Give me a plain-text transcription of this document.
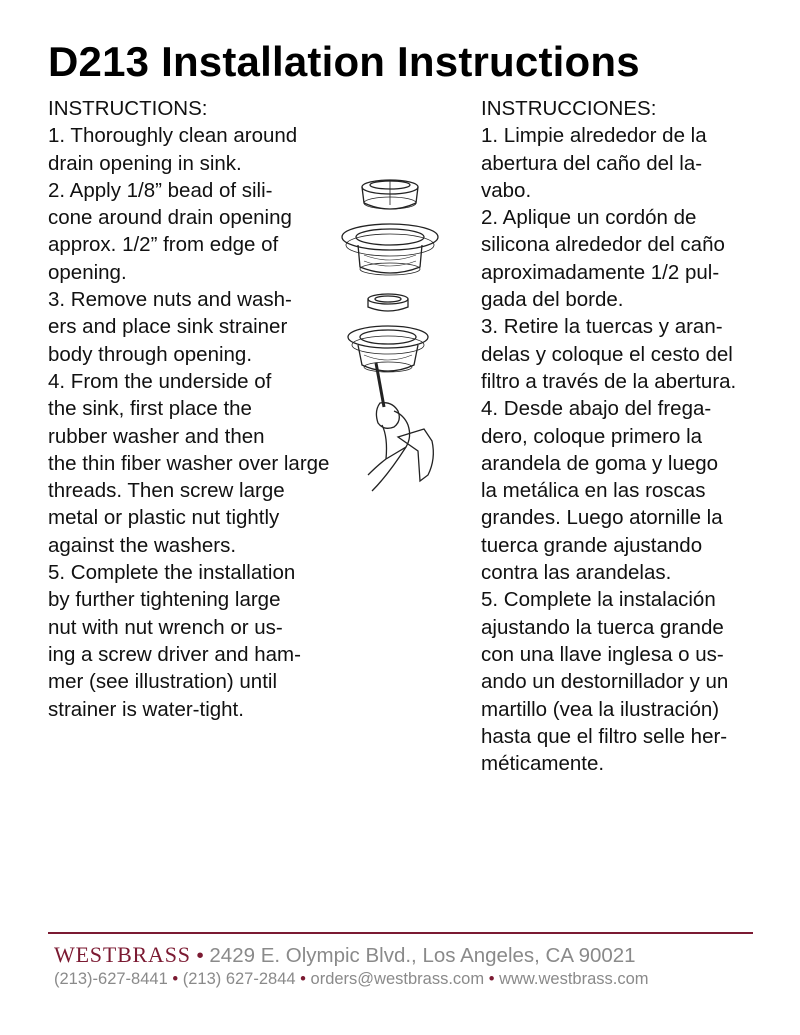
D213 Installation Instructions
INSTRUCTIONS:
1. Thoroughly clean around
drain opening in sink.
2. Apply 1/8” bead of sili-
cone around drain opening
approx. 1/2” from edge of
opening.
3. Remove nuts and wash-
ers and place sink strainer
body through opening.
4. From the underside of
the sink, first place the
rubber washer and then
the thin fiber washer over large
threads. Then screw large
metal or plastic nut tightly
against the washers.
5. Complete the installation
by further tightening large
nut with nut wrench or us-
ing a screw driver and ham-
mer (see illustration) until
strainer is water-tight.
INSTRUCCIONES:
1. Limpie alrededor de la
abertura del caño del la-
vabo.
2. Aplique un cordón de
silicona alrededor del caño
aproximadamente 1/2 pul-
gada del borde.
3. Retire la tuercas y aran-
delas y coloque el cesto del
filtro a través de la abertura.
4. Desde abajo del frega-
dero, coloque primero la
arandela de goma y luego
la metálica en las roscas
grandes. Luego atornille la
tuerca grande ajustando
contra las arandelas.
5. Complete la instalación
ajustando la tuerca grande
con una llave inglesa o us-
ando un destornillador y un
martillo (vea la ilustración)
hasta que el filtro selle her-
méticamente.
WESTBRASS • 2429 E. Olympic Blvd., Los Angeles, CA 90021
(213)-627-8441 • (213) 627-2844 • orders@westbrass.com • www.westbrass.com
